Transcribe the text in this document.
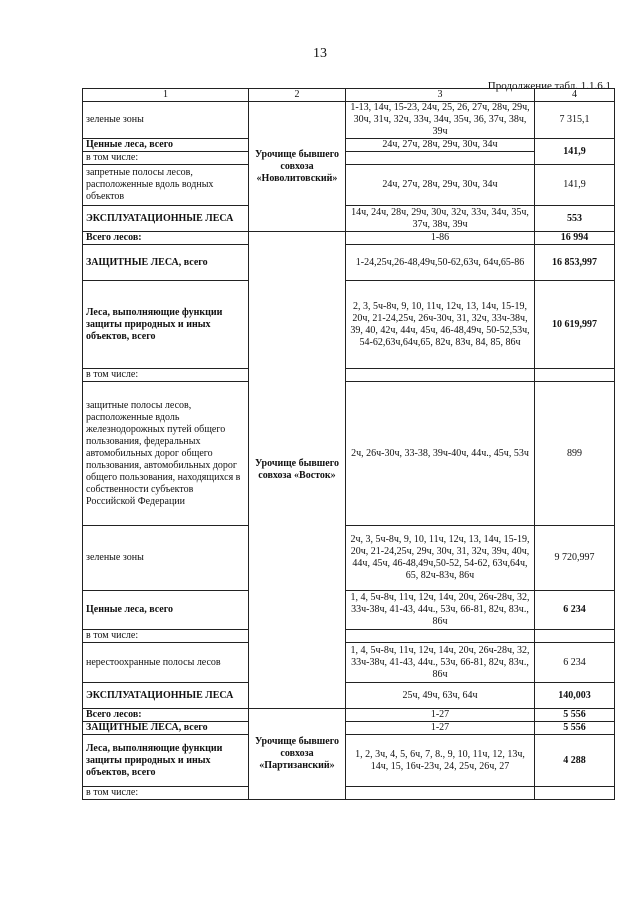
13
Продолжение табл. 1.1.6.1
1	2	3	4
зеленые зоны	Урочище бывшего совхоза «Новолитовский»	1-13, 14ч, 15-23, 24ч, 25, 26, 27ч, 28ч, 29ч, 30ч, 31ч, 32ч, 33ч, 34ч, 35ч, 36, 37ч, 38ч, 39ч	7 315,1
Ценные леса, всего		24ч, 27ч, 28ч, 29ч, 30ч, 34ч	141,9
в том числе:			
запретные полосы лесов, расположенные вдоль водных объектов		24ч, 27ч, 28ч, 29ч, 30ч, 34ч	141,9
ЭКСПЛУАТАЦИОННЫЕ ЛЕСА		14ч, 24ч, 28ч, 29ч, 30ч, 32ч, 33ч, 34ч, 35ч, 37ч, 38ч, 39ч	553
Всего лесов:	Урочище бывшего совхоза «Восток»	1-86	16 994
ЗАЩИТНЫЕ ЛЕСА, всего		1-24,25ч,26-48,49ч,50-62,63ч, 64ч,65-86	16 853,997
Леса, выполняющие функции защиты природных и иных объектов, всего		2, 3, 5ч-8ч, 9, 10, 11ч, 12ч, 13, 14ч, 15-19, 20ч, 21-24,25ч, 26ч-30ч, 31, 32ч, 33ч-38ч, 39, 40, 42ч, 44ч, 45ч, 46-48,49ч, 50-52,53ч, 54-62,63ч,64ч,65, 82ч, 83ч, 84, 85, 86ч	10 619,997
в том числе:			
защитные полосы лесов, расположенные вдоль железнодорожных путей общего пользования, федеральных автомобильных дорог общего пользования, автомобильных дорог общего пользования, находящихся в собственности субъектов Российской Федерации		2ч, 26ч-30ч, 33-38, 39ч-40ч, 44ч., 45ч, 53ч	899
зеленые зоны		2ч, 3, 5ч-8ч, 9, 10, 11ч, 12ч, 13, 14ч, 15-19, 20ч, 21-24,25ч, 29ч, 30ч, 31, 32ч, 39ч, 40ч, 44ч, 45ч, 46-48,49ч,50-52, 54-62, 63ч,64ч, 65, 82ч-83ч, 86ч	9 720,997
Ценные леса, всего		1, 4, 5ч-8ч, 11ч, 12ч, 14ч, 20ч, 26ч-28ч, 32, 33ч-38ч, 41-43, 44ч., 53ч, 66-81, 82ч, 83ч., 86ч	6 234
в том числе:			
нерестоохранные полосы лесов		1, 4, 5ч-8ч, 11ч, 12ч, 14ч, 20ч, 26ч-28ч, 32, 33ч-38ч, 41-43, 44ч., 53ч, 66-81, 82ч, 83ч., 86ч	6 234
ЭКСПЛУАТАЦИОННЫЕ ЛЕСА		25ч, 49ч, 63ч, 64ч	140,003
Всего лесов:	Урочище бывшего совхоза «Партизанский»	1-27	5 556
ЗАЩИТНЫЕ ЛЕСА, всего		1-27	5 556
Леса, выполняющие функции защиты природных и иных объектов, всего		1, 2, 3ч, 4, 5, 6ч, 7, 8., 9, 10, 11ч, 12, 13ч, 14ч, 15, 16ч-23ч, 24, 25ч, 26ч, 27	4 288
в том числе:			
